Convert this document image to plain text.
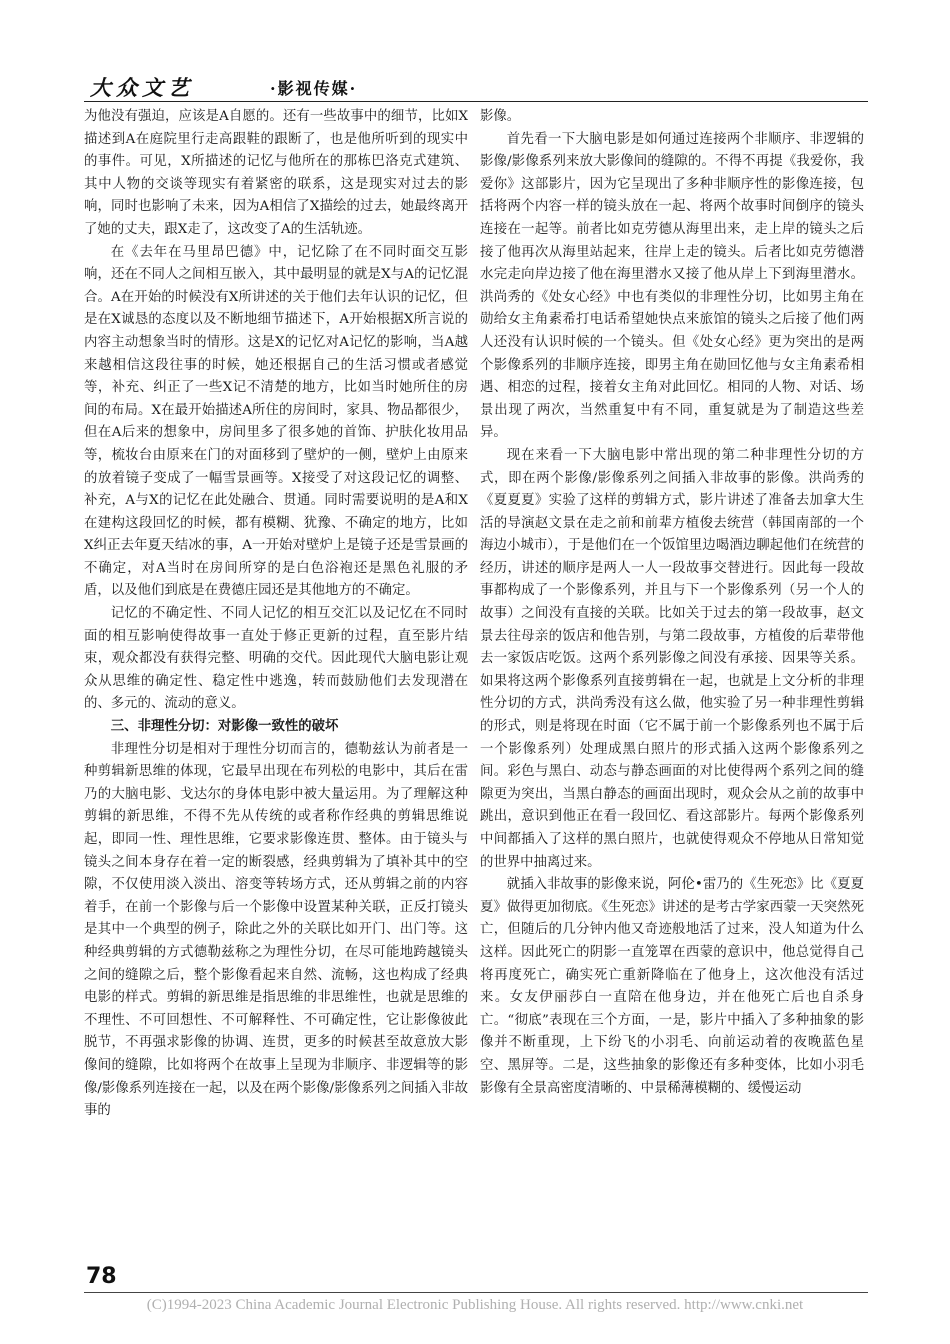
大众文艺	·影视传媒·

为他没有强迫，应该是A自愿的。还有一些故事中的细节，比如X描述到A在庭院里行走高跟鞋的跟断了，也是他所听到的现实中的事件。可见，X所描述的记忆与他所在的那栋巴洛克式建筑、其中人物的交谈等现实有着紧密的联系，这是现实对过去的影响，同时也影响了未来，因为A相信了X描绘的过去，她最终离开了她的丈夫，跟X走了，这改变了A的生活轨迹。

在《去年在马里昂巴德》中，记忆除了在不同时面交互影响，还在不同人之间相互嵌入，其中最明显的就是X与A的记忆混合。A在开始的时候没有X所讲述的关于他们去年认识的记忆，但是在X诚恳的态度以及不断地细节描述下，A开始根据X所言说的内容主动想象当时的情形。这是X的记忆对A记忆的影响，当A越来越相信这段往事的时候，她还根据自己的生活习惯或者感觉等，补充、纠正了一些X记不清楚的地方，比如当时她所住的房间的布局。X在最开始描述A所住的房间时，家具、物品都很少，但在A后来的想象中，房间里多了很多她的首饰、护肤化妆用品等，梳妆台由原来在门的对面移到了壁炉的一侧，壁炉上由原来的放着镜子变成了一幅雪景画等。X接受了对这段记忆的调整、补充，A与X的记忆在此处融合、贯通。同时需要说明的是A和X在建构这段回忆的时候，都有模糊、犹豫、不确定的地方，比如X纠正去年夏天结冰的事，A一开始对壁炉上是镜子还是雪景画的不确定，对A当时在房间所穿的是白色浴袍还是黑色礼服的矛盾，以及他们到底是在费德庄园还是其他地方的不确定。

记忆的不确定性、不同人记忆的相互交汇以及记忆在不同时面的相互影响使得故事一直处于修正更新的过程，直至影片结束，观众都没有获得完整、明确的交代。因此现代大脑电影让观众从思维的确定性、稳定性中逃逸，转而鼓励他们去发现潜在的、多元的、流动的意义。

三、非理性分切：对影像一致性的破坏

非理性分切是相对于理性分切而言的，德勒兹认为前者是一种剪辑新思维的体现，它最早出现在布列松的电影中，其后在雷乃的大脑电影、戈达尔的身体电影中被大量运用。为了理解这种剪辑的新思维，不得不先从传统的或者称作经典的剪辑思维说起，即同一性、理性思维，它要求影像连贯、整体。由于镜头与镜头之间本身存在着一定的断裂感，经典剪辑为了填补其中的空隙，不仅使用淡入淡出、溶变等转场方式，还从剪辑之前的内容着手，在前一个影像与后一个影像中设置某种关联，正反打镜头是其中一个典型的例子，除此之外的关联比如开门、出门等。这种经典剪辑的方式德勒兹称之为理性分切，在尽可能地跨越镜头之间的缝隙之后，整个影像看起来自然、流畅，这也构成了经典电影的样式。剪辑的新思维是指思维的非思维性，也就是思维的不理性、不可回想性、不可解释性、不可确定性，它让影像彼此脱节，不再强求影像的协调、连贯，更多的时候甚至故意放大影像间的缝隙，比如将两个在故事上呈现为非顺序、非逻辑等的影像/影像系列连接在一起，以及在两个影像/影像系列之间插入非故事的

影像。

首先看一下大脑电影是如何通过连接两个非顺序、非逻辑的影像/影像系列来放大影像间的缝隙的。不得不再提《我爱你，我爱你》这部影片，因为它呈现出了多种非顺序性的影像连接，包括将两个内容一样的镜头放在一起、将两个故事时间倒序的镜头连接在一起等。前者比如克劳德从海里出来，走上岸的镜头之后接了他再次从海里站起来，往岸上走的镜头。后者比如克劳德潜水完走向岸边接了他在海里潜水又接了他从岸上下到海里潜水。洪尚秀的《处女心经》中也有类似的非理性分切，比如男主角在勋给女主角素希打电话希望她快点来旅馆的镜头之后接了他们两人还没有认识时候的一个镜头。但《处女心经》更为突出的是两个影像系列的非顺序连接，即男主角在勋回忆他与女主角素希相遇、相恋的过程，接着女主角对此回忆。相同的人物、对话、场景出现了两次，当然重复中有不同，重复就是为了制造这些差异。

现在来看一下大脑电影中常出现的第二种非理性分切的方式，即在两个影像/影像系列之间插入非故事的影像。洪尚秀的《夏夏夏》实验了这样的剪辑方式，影片讲述了准备去加拿大生活的导演赵文景在走之前和前辈方植俊去统营（韩国南部的一个海边小城市），于是他们在一个饭馆里边喝酒边聊起他们在统营的经历，讲述的顺序是两人一人一段故事交替进行。因此每一段故事都构成了一个影像系列，并且与下一个影像系列（另一个人的故事）之间没有直接的关联。比如关于过去的第一段故事，赵文景去往母亲的饭店和他告别，与第二段故事，方植俊的后辈带他去一家饭店吃饭。这两个系列影像之间没有承接、因果等关系。如果将这两个影像系列直接剪辑在一起，也就是上文分析的非理性分切的方式，洪尚秀没有这么做，他实验了另一种非理性剪辑的形式，则是将现在时面（它不属于前一个影像系列也不属于后一个影像系列）处理成黑白照片的形式插入这两个影像系列之间。彩色与黑白、动态与静态画面的对比使得两个系列之间的缝隙更为突出，当黑白静态的画面出现时，观众会从之前的故事中跳出，意识到他正在看一段回忆、看这部影片。每两个影像系列中间都插入了这样的黑白照片，也就使得观众不停地从日常知觉的世界中抽离过来。

就插入非故事的影像来说，阿伦•雷乃的《生死恋》比《夏夏夏》做得更加彻底。《生死恋》讲述的是考古学家西蒙一天突然死亡，但随后的几分钟内他又奇迹般地活了过来，没人知道为什么这样。因此死亡的阴影一直笼罩在西蒙的意识中，他总觉得自己将再度死亡，确实死亡重新降临在了他身上，这次他没有活过来。女友伊丽莎白一直陪在他身边，并在他死亡后也自杀身亡。“彻底”表现在三个方面，一是，影片中插入了多种抽象的影像并不断重现，上下纷飞的小羽毛、向前运动着的夜晚蓝色星空、黑屏等。二是，这些抽象的影像还有多种变体，比如小羽毛影像有全景高密度清晰的、中景稀薄模糊的、缓慢运动

78
(C)1994-2023 China Academic Journal Electronic Publishing House. All rights reserved. http://www.cnki.net
